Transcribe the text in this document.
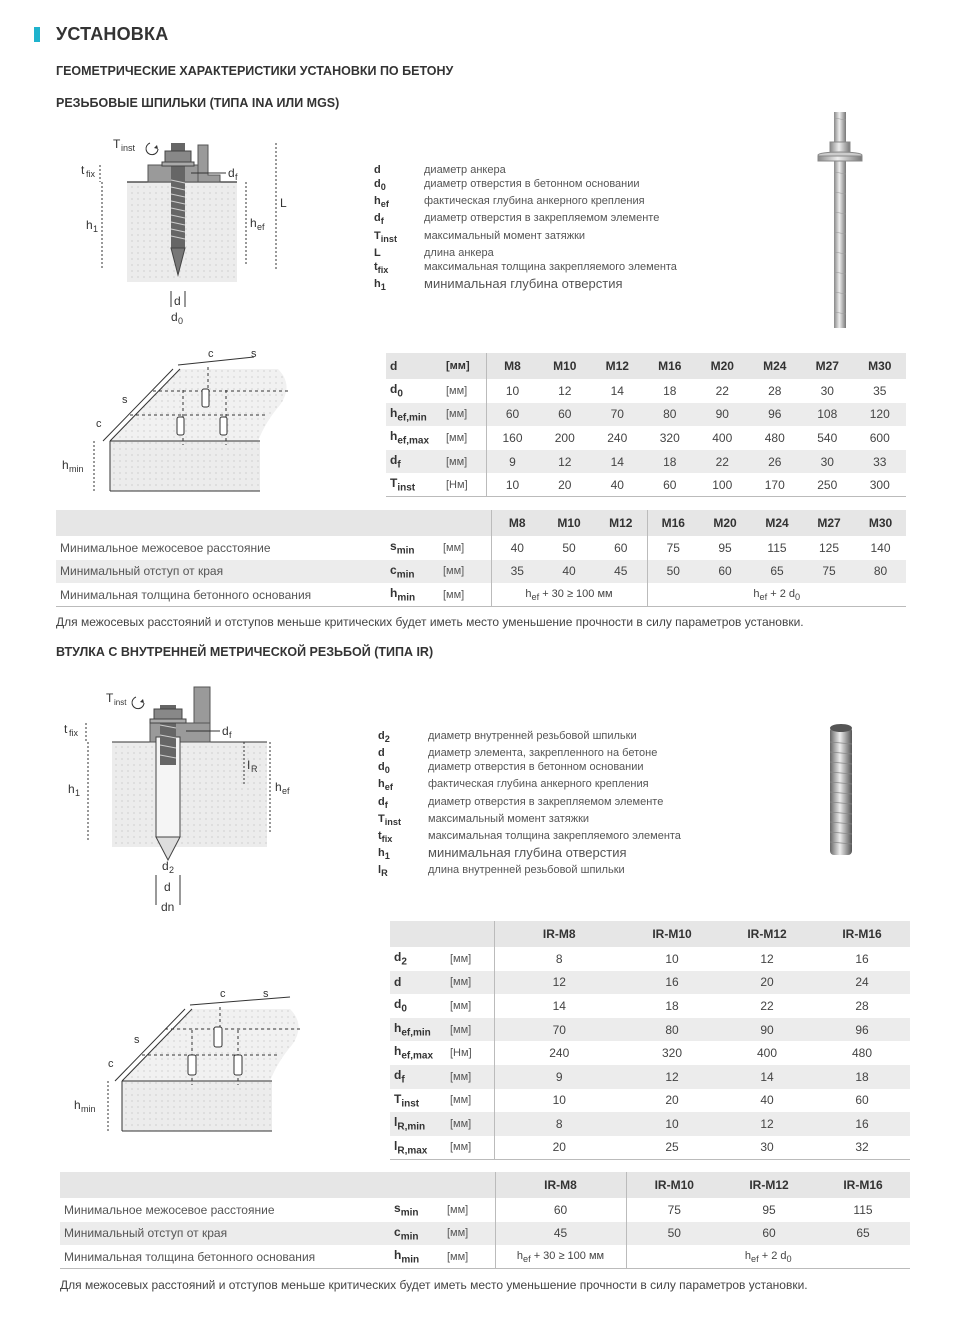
УСТАНОВКА
ГЕОМЕТРИЧЕСКИЕ ХАРАКТЕРИСТИКИ УСТАНОВКИ ПО БЕТОНУ
РЕЗЬБОВЫЕ ШПИЛЬКИ (ТИПА INA ИЛИ MGS)
T inst
t fix	d f
h 1	h ef
L
d
d 0
d	диаметр анкера
$d_0$	диаметр отверстия в бетонном основании
$h_{ef}$	фактическая глубина анкерного крепления
$d_f$	диаметр отверстия в закрепляемом элементе
$T_{inst}$	максимальный момент затяжки
L	длина анкера
$t_{fix}$	максимальная толщина закрепляемого элемента
$h_1$	минимальная глубина отверстия
c	s
s
c
h min
d	[мм]	M8	M10	M12	M16	M20	M24	M27	M30
$d_0$	[мм]	10	12	14	18	22	28	30	35
$h_{ef,min}$	[мм]	60	60	70	80	90	96	108	120
$h_{ef,max}$	[мм]	160	200	240	320	400	480	540	600
$d_f$	[мм]	9	12	14	18	22	26	30	33
$T_{inst}$	[Нм]	10	20	40	60	100	170	250	300
			M8	M10	M12	M16	M20	M24	M27	M30
Минимальное межосевое расстояние	$s_{min}$	[мм]	40	50	60	75	95	115	125	140
Минимальный отступ от края	$c_{min}$	[мм]	35	40	45	50	60	65	75	80
Минимальная толщина бетонного основания	$h_{min}$	[мм]	$h_{ef} + 30 \ge 100$ мм			$h_{ef} + 2$ $d_0$
Для межосевых расстояний и отступов меньше критических будет иметь место уменьшение прочности в силу параметров установки.
ВТУЛКА С ВНУТРЕННЕЙ МЕТРИЧЕСКОЙ РЕЗЬБОЙ (ТИПА IR)
T inst
t fix	d f
h 1	h ef
I R
d 2
d
dn
$d_2$	диаметр внутренней резьбовой шпильки
d	диаметр элемента, закрепленного на бетоне
$d_0$	диаметр отверстия в бетонном основании
$h_{ef}$	фактическая глубина анкерного крепления
$d_f$	диаметр отверстия в закрепляемом элементе
$T_{inst}$	максимальный момент затяжки
$t_{fix}$	максимальная толщина закрепляемого элемента
$h_1$	минимальная глубина отверстия
$l_R$	длина внутренней резьбовой шпильки
c	s
s
c
h min
		IR-M8	IR-M10	IR-M12	IR-M16
$d_2$	[мм]	8	10	12	16
d	[мм]	12	16	20	24
$d_0$	[мм]	14	18	22	28
$h_{ef,min}$	[мм]	70	80	90	96
$h_{ef,max}$	[Нм]	240	320	400	480
$d_f$	[мм]	9	12	14	18
$T_{inst}$	[мм]	10	20	40	60
$l_{R,min}$	[мм]	8	10	12	16
$l_{R,max}$	[мм]	20	25	30	32
			IR-M8	IR-M10	IR-M12	IR-M16
Минимальное межосевое расстояние	$s_{min}$	[мм]	60	75	95	115
Минимальный отступ от края	$c_{min}$	[мм]	45	50	60	65
Минимальная толщина бетонного основания	$h_{min}$	[мм]	$h_{ef} + 30 \ge 100$ мм	$h_{ef} + 2$ $d_0$
Для межосевых расстояний и отступов меньше критических будет иметь место уменьшение прочности в силу параметров установки.
